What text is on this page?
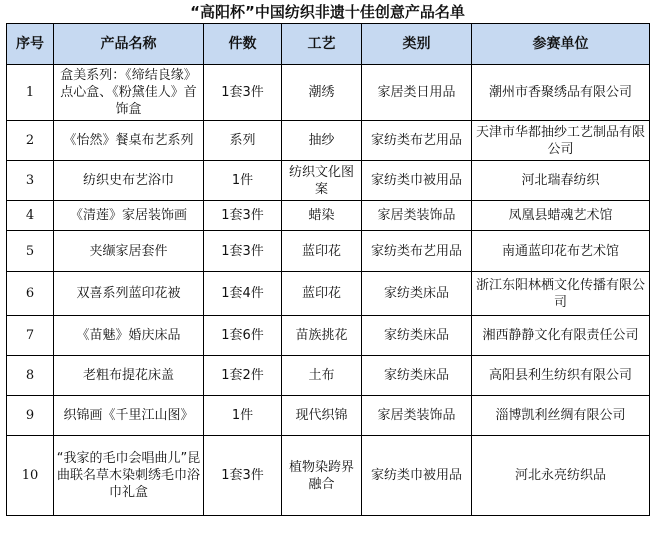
“高阳杯”中国纺织非遗十佳创意产品名单
序号	产品名称	件数	工艺	类别	参赛单位
1	盒美系列：《缔结良缘》 点心盒、《粉黛佳人》首饰盒	1套3件	潮绣	家居类日用品	潮州市香聚绣品有限公司
2	《怡然》餐桌布艺系列	系列	抽纱	家纺类布艺用品	天津市华都抽纱工艺制品有限公司
3	纺织史布艺浴巾	1件	纺织文化图案	家纺类巾被用品	河北瑞春纺织
4	《清莲》家居装饰画	1套3件	蜡染	家居类装饰品	凤凰县蜡魂艺术馆
5	夹缬家居套件	1套3件	蓝印花	家纺类布艺用品	南通蓝印花布艺术馆
6	双喜系列蓝印花被	1套4件	蓝印花	家纺类床品	浙江东阳林栖文化传播有限公司
7	《苗魅》婚庆床品	1套6件	苗族挑花	家纺类床品	湘西静静文化有限责任公司
8	老粗布提花床盖	1套2件	土布	家纺类床品	高阳县利生纺织有限公司
9	织锦画《千里江山图》	1件	现代织锦	家居类装饰品	淄博凯利丝绸有限公司
10	“我家的毛巾会唱曲儿”昆曲联名草木染刺绣毛巾浴巾礼盒	1套3件	植物染跨界融合	家纺类巾被用品	河北永亮纺织品
